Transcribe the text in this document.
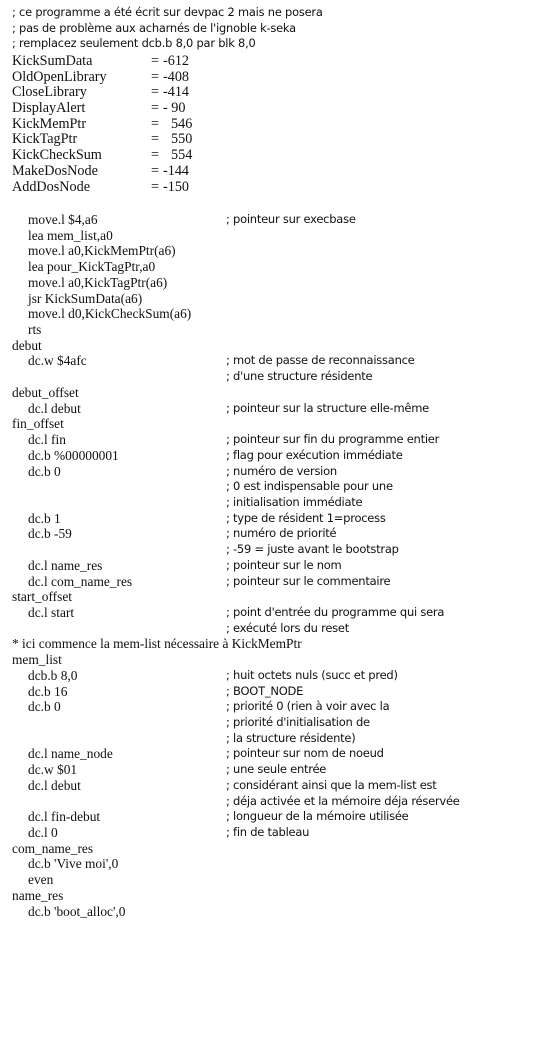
; ce programme a été écrit sur devpac 2 mais ne posera
; pas de problème aux acharnés de l'ignoble k-seka
; remplacez seulement dcb.b 8,0 par blk 8,0
KickSumData	= -612
OldOpenLibrary	= -408
CloseLibrary	= -414
DisplayAlert	= - 90
KickMemPtr	= 546
KickTagPtr	= 550
KickCheckSum	= 554
MakeDosNode	= -144
AddDosNode	= -150
move.l $4,a6	; pointeur sur execbase
lea mem_list,a0
move.l a0,KickMemPtr(a6)
lea pour_KickTagPtr,a0
move.l a0,KickTagPtr(a6)
jsr KickSumData(a6)
move.l d0,KickCheckSum(a6)
rts
debut
dc.w $4afc	; mot de passe de reconnaissance
; d'une structure résidente
debut_offset
dc.l debut	; pointeur sur la structure elle-même
fin_offset
dc.l fin	; pointeur sur fin du programme entier
dc.b %00000001	; flag pour exécution immédiate
dc.b 0	; numéro de version
; 0 est indispensable pour une
; initialisation immédiate
dc.b 1	; type de résident 1=process
dc.b -59	; numéro de priorité
; -59 = juste avant le bootstrap
dc.l name_res	; pointeur sur le nom
dc.l com_name_res	; pointeur sur le commentaire
start_offset
dc.l start	; point d'entrée du programme qui sera
; exécuté lors du reset
* ici commence la mem-list nécessaire à KickMemPtr
mem_list
dcb.b 8,0	; huit octets nuls (succ et pred)
dc.b 16	; BOOT_NODE
dc.b 0	; priorité 0 (rien à voir avec la
; priorité d'initialisation de
; la structure résidente)
dc.l name_node	; pointeur sur nom de noeud
dc.w $01	; une seule entrée
dc.l debut	; considérant ainsi que la mem-list est
; déja activée et la mémoire déja réservée
dc.l fin-debut	; longueur de la mémoire utilisée
dc.l 0	; fin de tableau
com_name_res
dc.b 'Vive moi',0
even
name_res
dc.b 'boot_alloc',0
